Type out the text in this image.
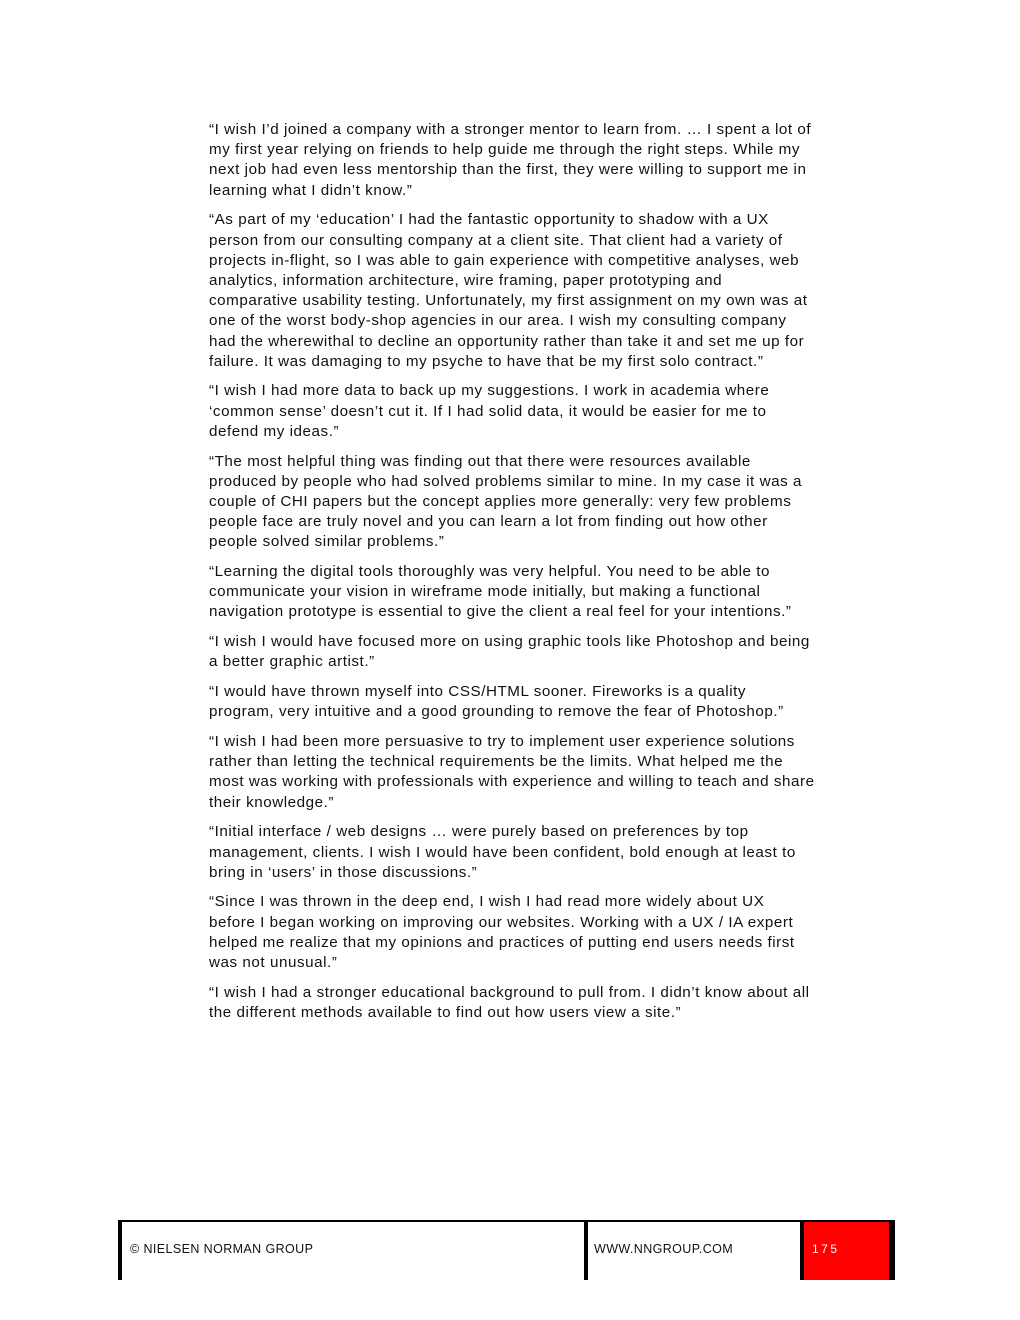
“I wish I’d joined a company with a stronger mentor to learn from. … I spent a lot of my first year relying on friends to help guide me through the right steps. While my next job had even less mentorship than the first, they were willing to support me in learning what I didn’t know.”

“As part of my ‘education’ I had the fantastic opportunity to shadow with a UX person from our consulting company at a client site. That client had a variety of projects in-flight, so I was able to gain experience with competitive analyses, web analytics, information architecture, wire framing, paper prototyping and comparative usability testing. Unfortunately, my first assignment on my own was at one of the worst body-shop agencies in our area. I wish my consulting company had the wherewithal to decline an opportunity rather than take it and set me up for failure. It was damaging to my psyche to have that be my first solo contract.”

“I wish I had more data to back up my suggestions. I work in academia where ‘common sense’ doesn’t cut it. If I had solid data, it would be easier for me to defend my ideas.”

“The most helpful thing was finding out that there were resources available produced by people who had solved problems similar to mine. In my case it was a couple of CHI papers but the concept applies more generally: very few problems people face are truly novel and you can learn a lot from finding out how other people solved similar problems.”

“Learning the digital tools thoroughly was very helpful. You need to be able to communicate your vision in wireframe mode initially, but making a functional navigation prototype is essential to give the client a real feel for your intentions.”

“I wish I would have focused more on using graphic tools like Photoshop and being a better graphic artist.”

“I would have thrown myself into CSS/HTML sooner. Fireworks is a quality program, very intuitive and a good grounding to remove the fear of Photoshop.”

“I wish I had been more persuasive to try to implement user experience solutions rather than letting the technical requirements be the limits. What helped me the most was working with professionals with experience and willing to teach and share their knowledge.”

“Initial interface / web designs … were purely based on preferences by top management, clients. I wish I would have been confident, bold enough at least to bring in ‘users’ in those discussions.”

“Since I was thrown in the deep end, I wish I had read more widely about UX before I began working on improving our websites. Working with a UX / IA expert helped me realize that my opinions and practices of putting end users needs first was not unusual.”

“I wish I had a stronger educational background to pull from. I didn’t know about all the different methods available to find out how users view a site.”

© NIELSEN NORMAN GROUP	WWW.NNGROUP.COM	175
